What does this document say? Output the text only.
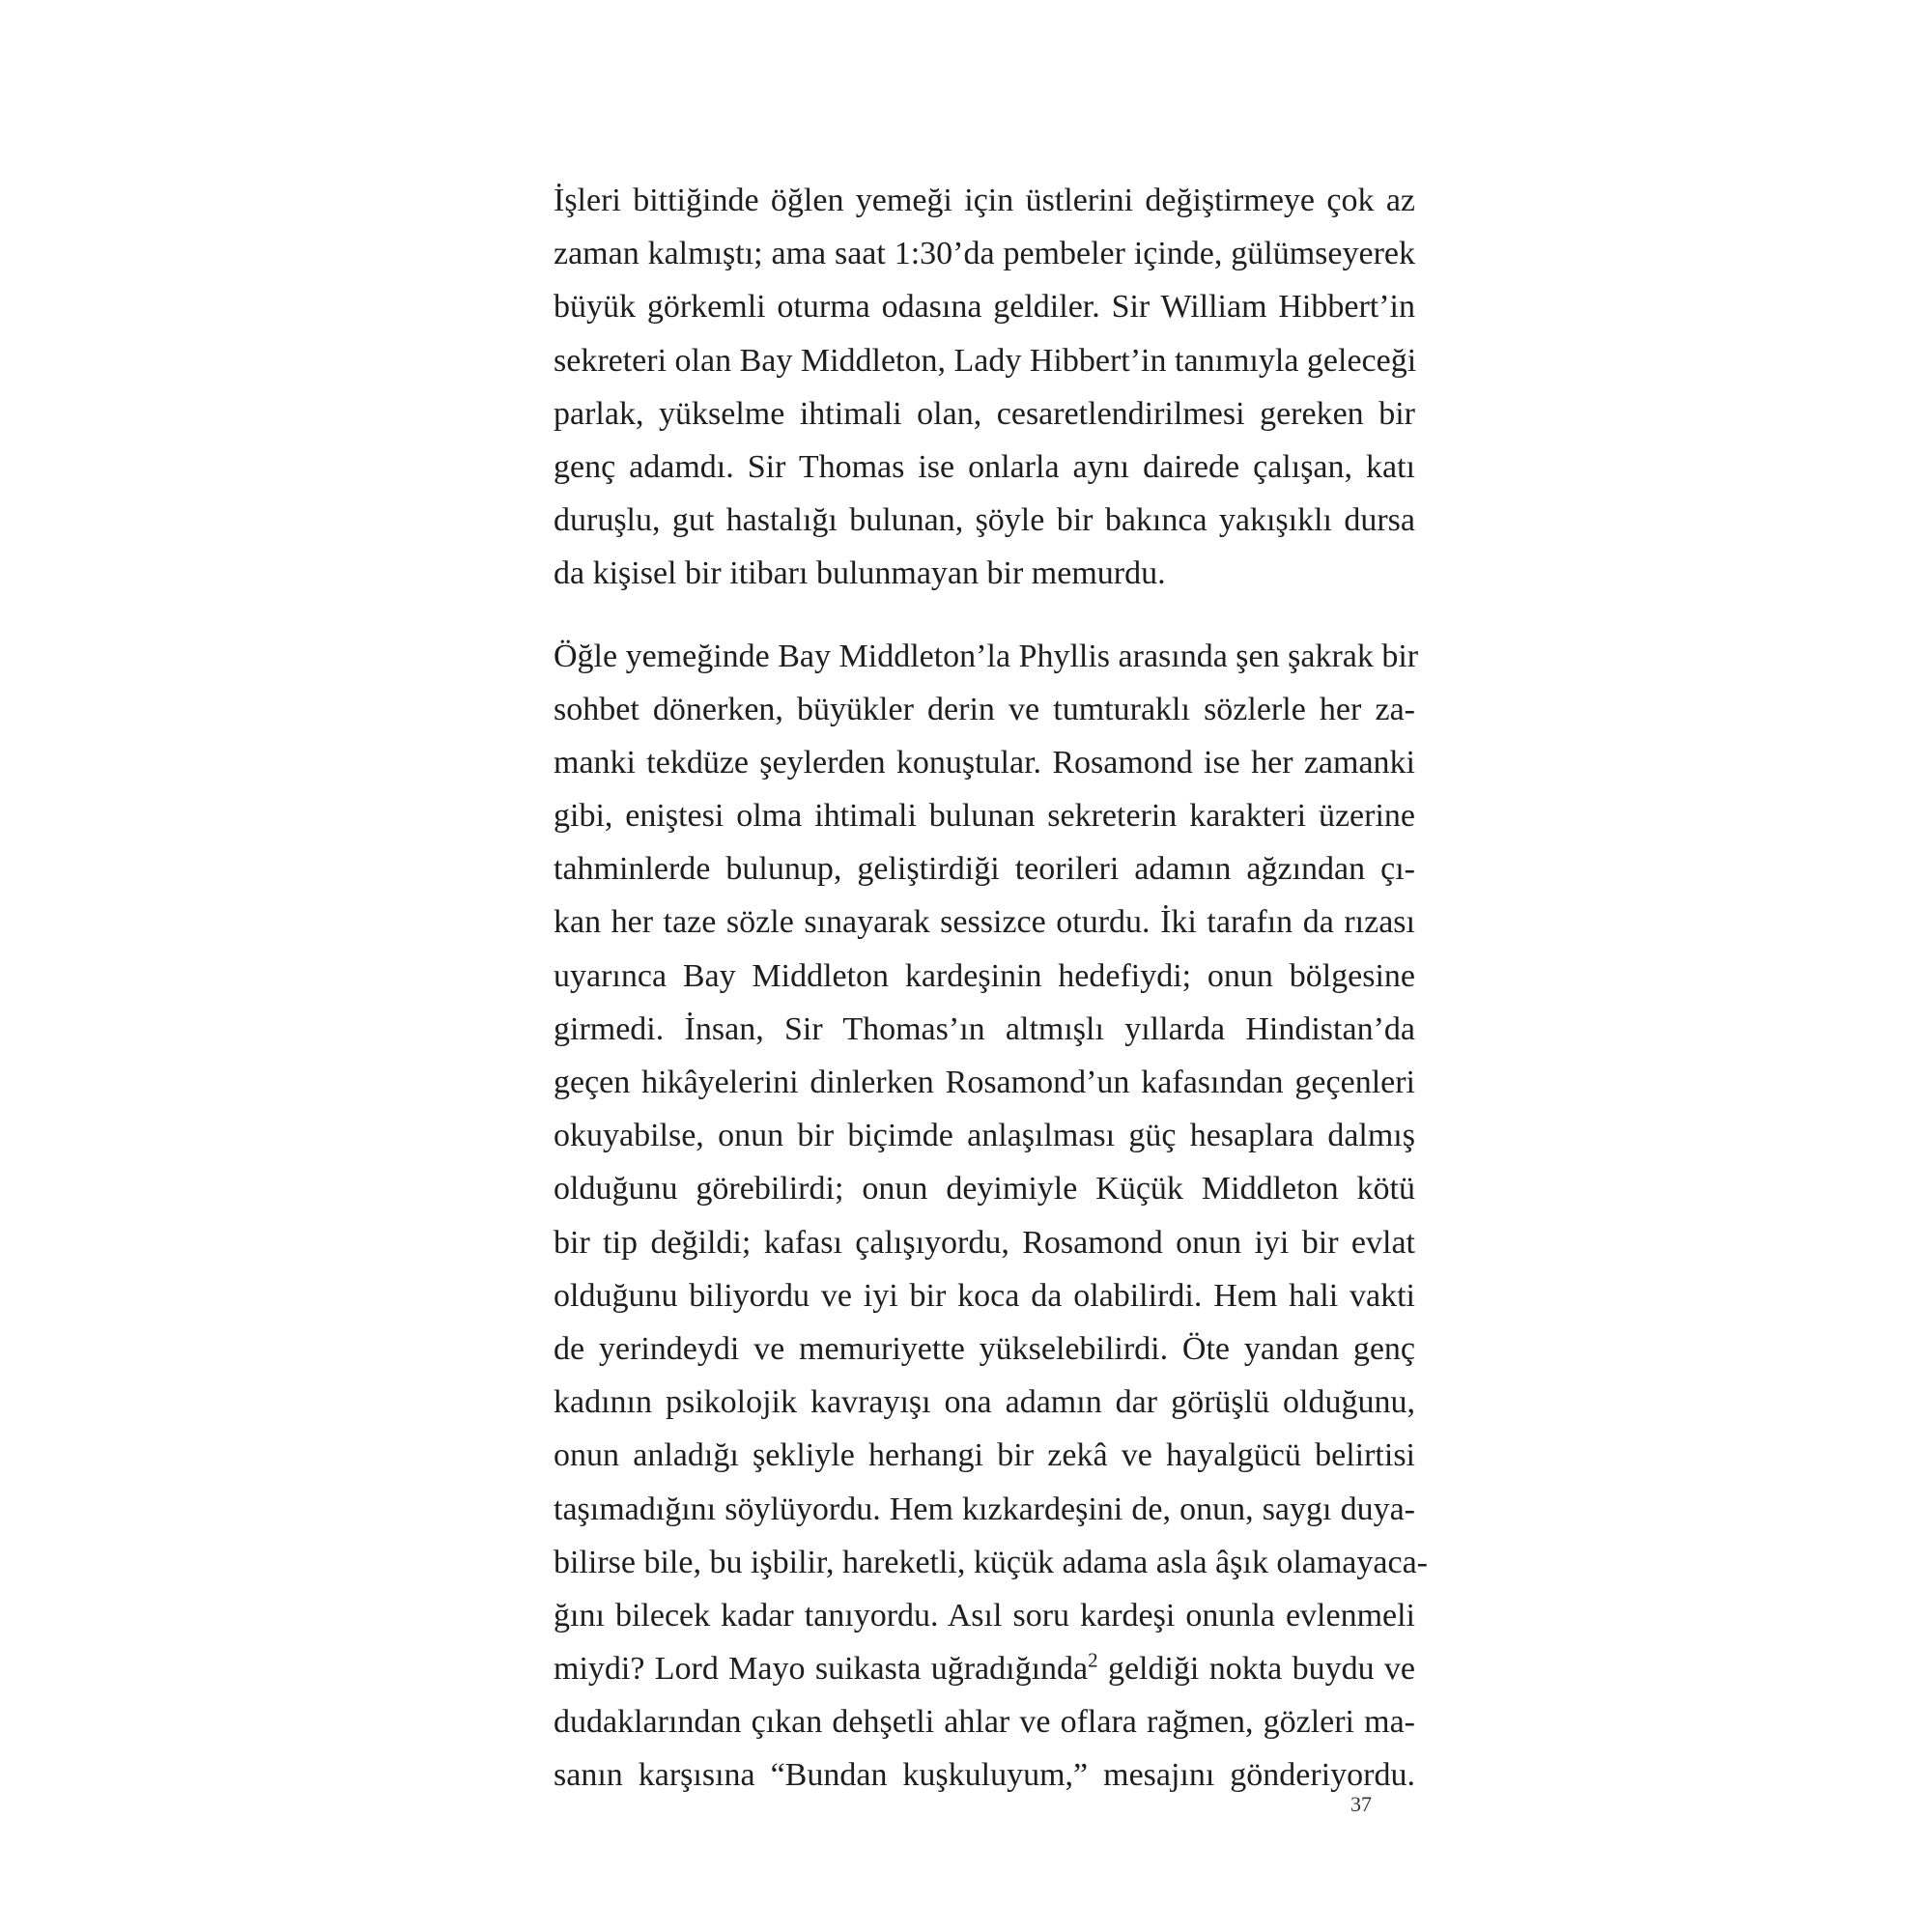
İşleri bittiğinde öğlen yemeği için üstlerini değiştirmeye çok az
zaman kalmıştı; ama saat 1:30’da pembeler içinde, gülümseyerek
büyük görkemli oturma odasına geldiler. Sir William Hibbert’in
sekreteri olan Bay Middleton, Lady Hibbert’in tanımıyla geleceği
parlak, yükselme ihtimali olan, cesaretlendirilmesi gereken bir
genç adamdı. Sir Thomas ise onlarla aynı dairede çalışan, katı
duruşlu, gut hastalığı bulunan, şöyle bir bakınca yakışıklı dursa
da kişisel bir itibarı bulunmayan bir memurdu.
Öğle yemeğinde Bay Middleton’la Phyllis arasında şen şakrak bir
sohbet dönerken, büyükler derin ve tumturaklı sözlerle her za-
manki tekdüze şeylerden konuştular. Rosamond ise her zamanki
gibi, eniştesi olma ihtimali bulunan sekreterin karakteri üzerine
tahminlerde bulunup, geliştirdiği teorileri adamın ağzından çı-
kan her taze sözle sınayarak sessizce oturdu. İki tarafın da rızası
uyarınca Bay Middleton kardeşinin hedefiydi; onun bölgesine
girmedi. İnsan, Sir Thomas’ın altmışlı yıllarda Hindistan’da
geçen hikâyelerini dinlerken Rosamond’un kafasından geçenleri
okuyabilse, onun bir biçimde anlaşılması güç hesaplara dalmış
olduğunu görebilirdi; onun deyimiyle Küçük Middleton kötü
bir tip değildi; kafası çalışıyordu, Rosamond onun iyi bir evlat
olduğunu biliyordu ve iyi bir koca da olabilirdi. Hem hali vakti
de yerindeydi ve memuriyette yükselebilirdi. Öte yandan genç
kadının psikolojik kavrayışı ona adamın dar görüşlü olduğunu,
onun anladığı şekliyle herhangi bir zekâ ve hayalgücü belirtisi
taşımadığını söylüyordu. Hem kızkardeşini de, onun, saygı duya-
bilirse bile, bu işbilir, hareketli, küçük adama asla âşık olamayaca-
ğını bilecek kadar tanıyordu. Asıl soru kardeşi onunla evlenmeli
miydi? Lord Mayo suikasta uğradığında$^2$ geldiği nokta buydu ve
dudaklarından çıkan dehşetli ahlar ve oflara rağmen, gözleri ma-
sanın karşısına “Bundan kuşkuluyum,” mesajını gönderiyordu.
37
